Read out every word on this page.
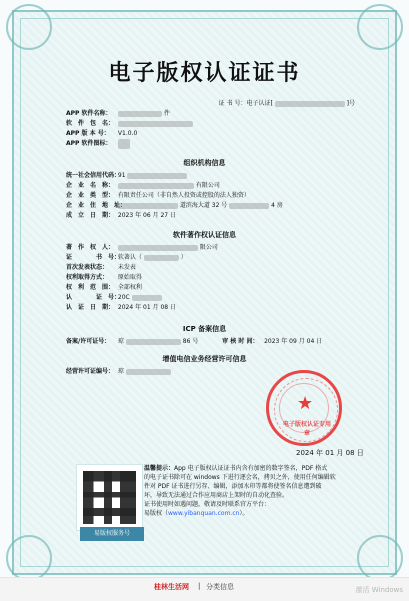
电子版权认证证书
证 书 号：电子认证[	]号
APP 软件名称：	件
软　件　包　名：
APP 版 本 号： V1.0.0
APP 软件图标：
组织机构信息
统一社会信用代码： 91
企　业　名　称：	有限公司
企　业　类　型： 有限责任公司（非自然人投资或控股的法人独资）
企　业　住　地　址：	道滨海大道 32 号	4 房
成　立　日　期： 2023 年 06 月 27 日
软件著作权认证信息
著　作　权　人：	限公司
证　　　　书　号： 软著认（	）
首次发表状态： 未发表
权利取得方式： 原始取得
权　利　范　围： 全部权利
认　　　　证　号： 20C
认　证　日　期： 2024 年 01 月 08 日
ICP 备案信息
备案/许可证号： 琼	86 号	审 核 时 间： 2023 年 09 月 04 日
增值电信业务经营许可信息
经营许可证编号： 琼
★
电子版权认证专用章
2024 年 01 月 08 日
易版权服务号
温馨提示：App 电子版权认证证书内含有加密的数字签名，PDF 格式
的电子证书除可在 windows 下进行逐会名，拷贝之外，使用任何编辑软
件对 PDF 证书进行另存、编辑，添加水印等都将使签名信息遭到破
坏，导致无法通过合作应用商店上架时的自动化查验。
证书使用时如遇问题，敬请及时联系官方平台：
易版权（www.yibanquan.com.cn）。
桂林生活网 | 分类信息	激活 Windows
